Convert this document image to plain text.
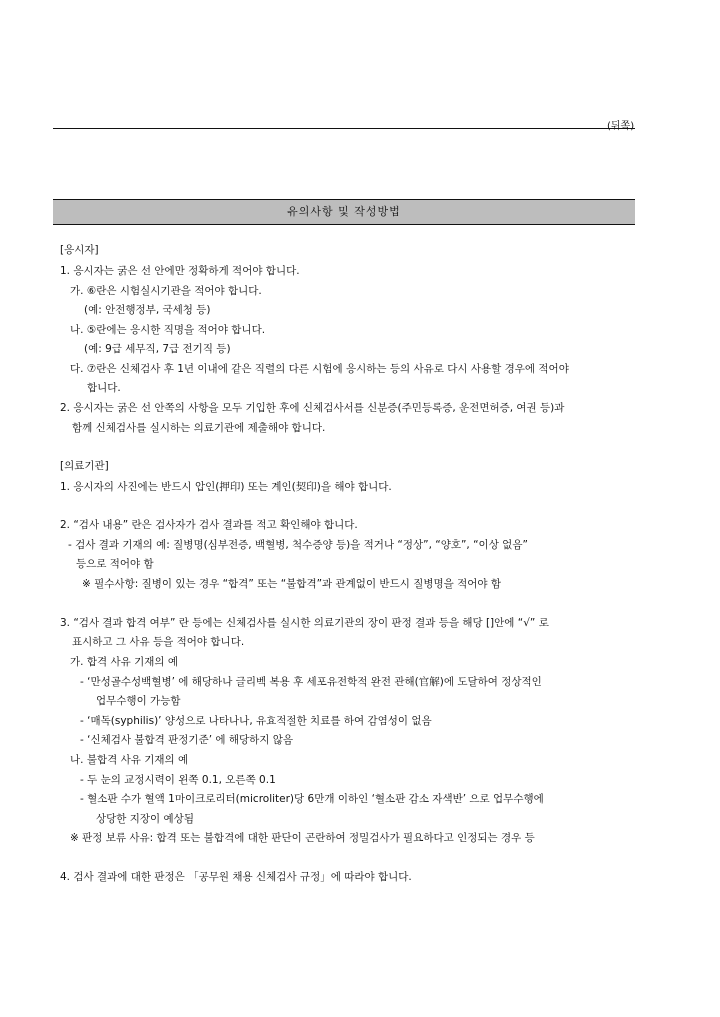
(뒤쪽)
유의사항 및 작성방법
[응시자]
1. 응시자는 굵은 선 안에만 정확하게 적어야 합니다.
가. ⑥란은 시험실시기관을 적어야 합니다.
(예: 안전행정부, 국세청 등)
나. ⑤란에는 응시한 직명을 적어야 합니다.
(예: 9급 세무직, 7급 전기직 등)
다. ⑦란은 신체검사 후 1년 이내에 같은 직렬의 다른 시험에 응시하는 등의 사유로 다시 사용할 경우에 적어야
합니다.
2. 응시자는 굵은 선 안쪽의 사항을 모두 기입한 후에 신체검사서를 신분증(주민등록증, 운전면허증, 여권 등)과
함께 신체검사를 실시하는 의료기관에 제출해야 합니다.
[의료기관]
1. 응시자의 사진에는 반드시 압인(押印) 또는 계인(契印)을 해야 합니다.
2. “검사 내용” 란은 검사자가 검사 결과를 적고 확인해야 합니다.
- 검사 결과 기재의 예: 질병명(심부전증, 백혈병, 척수증양 등)을 적거나 “정상”, “양호”, “이상 없음”
등으로 적어야 함
※ 필수사항: 질병이 있는 경우 “합격” 또는 “불합격”과 관계없이 반드시 질병명을 적어야 함
3. “검사 결과 합격 여부” 란 등에는 신체검사를 실시한 의료기관의 장이 판정 결과 등을 해당 []안에 “√” 로
표시하고 그 사유 등을 적어야 합니다.
가. 합격 사유 기재의 예
- ‘만성골수성백혈병’ 에 해당하나 글리벡 복용 후 세포유전학적 완전 관해(官解)에 도달하여 정상적인
업무수행이 가능함
- ‘매독(syphilis)’ 양성으로 나타나나, 유효적절한 치료를 하여 감염성이 없음
- ‘신체검사 불합격 판정기준’ 에 해당하지 않음
나. 불합격 사유 기재의 예
- 두 눈의 교정시력이 왼쪽 0.1, 오른쪽 0.1
- 혈소판 수가 혈액 1마이크로리터(microliter)당 6만개 이하인 ‘혈소판 감소 자색반’ 으로 업무수행에
상당한 지장이 예상됨
※ 판정 보류 사유: 합격 또는 불합격에 대한 판단이 곤란하여 정밀검사가 필요하다고 인정되는 경우 등
4. 검사 결과에 대한 판정은 「공무원 채용 신체검사 규정」에 따라야 합니다.
